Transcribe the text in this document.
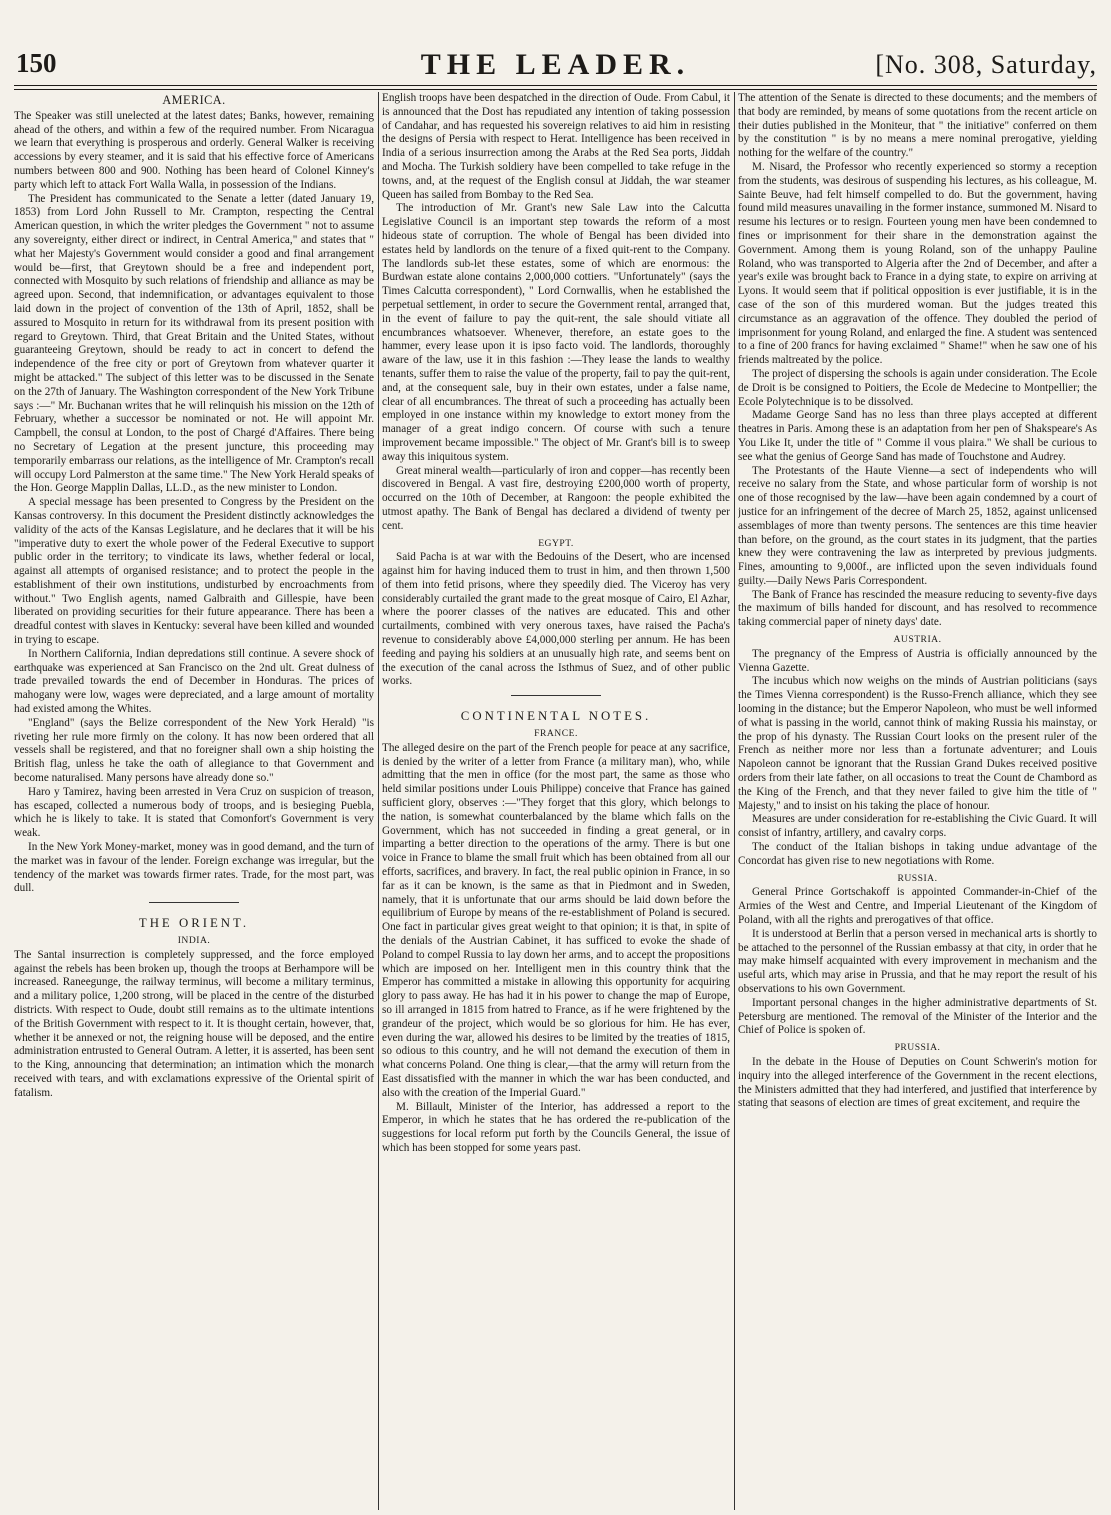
150	THE LEADER.	[No. 308, Saturday,
AMERICA.

The Speaker was still unelected at the latest dates; Banks, however, remaining ahead of the others, and within a few of the required number. From Nicaragua we learn that everything is prosperous and orderly. General Walker is receiving accessions by every steamer, and it is said that his effective force of Americans numbers between 800 and 900. Nothing has been heard of Colonel Kinney's party which left to attack Fort Walla Walla, in possession of the Indians.

The President has communicated to the Senate a letter (dated January 19, 1853) from Lord John Russell to Mr. Crampton, respecting the Central American question, in which the writer pledges the Government " not to assume any sovereignty, either direct or indirect, in Central America," and states that " what her Majesty's Government would consider a good and final arrangement would be—first, that Greytown should be a free and independent port, connected with Mosquito by such relations of friendship and alliance as may be agreed upon. Second, that indemnification, or advantages equivalent to those laid down in the project of convention of the 13th of April, 1852, shall be assured to Mosquito in return for its withdrawal from its present position with regard to Greytown. Third, that Great Britain and the United States, without guaranteeing Greytown, should be ready to act in concert to defend the independence of the free city or port of Greytown from whatever quarter it might be attacked." The subject of this letter was to be discussed in the Senate on the 27th of January. The Washington correspondent of the New York Tribune says :—" Mr. Buchanan writes that he will relinquish his mission on the 12th of February, whether a successor be nominated or not. He will appoint Mr. Campbell, the consul at London, to the post of Chargé d'Affaires. There being no Secretary of Legation at the present juncture, this proceeding may temporarily embarrass our relations, as the intelligence of Mr. Crampton's recall will occupy Lord Palmerston at the same time." The New York Herald speaks of the Hon. George Mapplin Dallas, LL.D., as the new minister to London.

A special message has been presented to Congress by the President on the Kansas controversy. In this document the President distinctly acknowledges the validity of the acts of the Kansas Legislature, and he declares that it will be his "imperative duty to exert the whole power of the Federal Executive to support public order in the territory; to vindicate its laws, whether federal or local, against all attempts of organised resistance; and to protect the people in the establishment of their own institutions, undisturbed by encroachments from without." Two English agents, named Galbraith and Gillespie, have been liberated on providing securities for their future appearance. There has been a dreadful contest with slaves in Kentucky: several have been killed and wounded in trying to escape.

In Northern California, Indian depredations still continue. A severe shock of earthquake was experienced at San Francisco on the 2nd ult. Great dulness of trade prevailed towards the end of December in Honduras. The prices of mahogany were low, wages were depreciated, and a large amount of mortality had existed among the Whites.

"England" (says the Belize correspondent of the New York Herald) "is riveting her rule more firmly on the colony. It has now been ordered that all vessels shall be registered, and that no foreigner shall own a ship hoisting the British flag, unless he take the oath of allegiance to that Government and become naturalised. Many persons have already done so."

Haro y Tamirez, having been arrested in Vera Cruz on suspicion of treason, has escaped, collected a numerous body of troops, and is besieging Puebla, which he is likely to take. It is stated that Comonfort's Government is very weak.

In the New York Money-market, money was in good demand, and the turn of the market was in favour of the lender. Foreign exchange was irregular, but the tendency of the market was towards firmer rates. Trade, for the most part, was dull.

THE ORIENT.
INDIA.

The Santal insurrection is completely suppressed, and the force employed against the rebels has been broken up, though the troops at Berhampore will be increased. Raneegunge, the railway terminus, will become a military terminus, and a military police, 1,200 strong, will be placed in the centre of the disturbed districts. With respect to Oude, doubt still remains as to the ultimate intentions of the British Government with respect to it. It is thought certain, however, that, whether it be annexed or not, the reigning house will be deposed, and the entire administration entrusted to General Outram. A letter, it is asserted, has been sent to the King, announcing that determination; an intimation which the monarch received with tears, and with exclamations expressive of the Oriental spirit of fatalism.

English troops have been despatched in the direction of Oude. From Cabul, it is announced that the Dost has repudiated any intention of taking possession of Candahar, and has requested his sovereign relatives to aid him in resisting the designs of Persia with respect to Herat. Intelligence has been received in India of a serious insurrection among the Arabs at the Red Sea ports, Jiddah and Mocha. The Turkish soldiery have been compelled to take refuge in the towns, and, at the request of the English consul at Jiddah, the war steamer Queen has sailed from Bombay to the Red Sea.

The introduction of Mr. Grant's new Sale Law into the Calcutta Legislative Council is an important step towards the reform of a most hideous state of corruption. The whole of Bengal has been divided into estates held by landlords on the tenure of a fixed quit-rent to the Company. The landlords sub-let these estates, some of which are enormous: the Burdwan estate alone contains 2,000,000 cottiers. "Unfortunately" (says the Times Calcutta correspondent), " Lord Cornwallis, when he established the perpetual settlement, in order to secure the Government rental, arranged that, in the event of failure to pay the quit-rent, the sale should vitiate all encumbrances whatsoever. Whenever, therefore, an estate goes to the hammer, every lease upon it is ipso facto void. The landlords, thoroughly aware of the law, use it in this fashion :—They lease the lands to wealthy tenants, suffer them to raise the value of the property, fail to pay the quit-rent, and, at the consequent sale, buy in their own estates, under a false name, clear of all encumbrances. The threat of such a proceeding has actually been employed in one instance within my knowledge to extort money from the manager of a great indigo concern. Of course with such a tenure improvement became impossible." The object of Mr. Grant's bill is to sweep away this iniquitous system.

Great mineral wealth—particularly of iron and copper—has recently been discovered in Bengal. A vast fire, destroying £200,000 worth of property, occurred on the 10th of December, at Rangoon: the people exhibited the utmost apathy. The Bank of Bengal has declared a dividend of twenty per cent.

EGYPT.

Said Pacha is at war with the Bedouins of the Desert, who are incensed against him for having induced them to trust in him, and then thrown 1,500 of them into fetid prisons, where they speedily died. The Viceroy has very considerably curtailed the grant made to the great mosque of Cairo, El Azhar, where the poorer classes of the natives are educated. This and other curtailments, combined with very onerous taxes, have raised the Pacha's revenue to considerably above £4,000,000 sterling per annum. He has been feeding and paying his soldiers at an unusually high rate, and seems bent on the execution of the canal across the Isthmus of Suez, and of other public works.

CONTINENTAL NOTES.
FRANCE.

The alleged desire on the part of the French people for peace at any sacrifice, is denied by the writer of a letter from France (a military man), who, while admitting that the men in office (for the most part, the same as those who held similar positions under Louis Philippe) conceive that France has gained sufficient glory, observes :—"They forget that this glory, which belongs to the nation, is somewhat counterbalanced by the blame which falls on the Government, which has not succeeded in finding a great general, or in imparting a better direction to the operations of the army. There is but one voice in France to blame the small fruit which has been obtained from all our efforts, sacrifices, and bravery. In fact, the real public opinion in France, in so far as it can be known, is the same as that in Piedmont and in Sweden, namely, that it is unfortunate that our arms should be laid down before the equilibrium of Europe by means of the re-establishment of Poland is secured. One fact in particular gives great weight to that opinion; it is that, in spite of the denials of the Austrian Cabinet, it has sufficed to evoke the shade of Poland to compel Russia to lay down her arms, and to accept the propositions which are imposed on her. Intelligent men in this country think that the Emperor has committed a mistake in allowing this opportunity for acquiring glory to pass away. He has had it in his power to change the map of Europe, so ill arranged in 1815 from hatred to France, as if he were frightened by the grandeur of the project, which would be so glorious for him. He has ever, even during the war, allowed his desires to be limited by the treaties of 1815, so odious to this country, and he will not demand the execution of them in what concerns Poland. One thing is clear,—that the army will return from the East dissatisfied with the manner in which the war has been conducted, and also with the creation of the Imperial Guard."

M. Billault, Minister of the Interior, has addressed a report to the Emperor, in which he states that he has ordered the re-publication of the suggestions for local reform put forth by the Councils General, the issue of which has been stopped for some years past.

The attention of the Senate is directed to these documents; and the members of that body are reminded, by means of some quotations from the recent article on their duties published in the Moniteur, that " the initiative" conferred on them by the constitution " is by no means a mere nominal prerogative, yielding nothing for the welfare of the country."

M. Nisard, the Professor who recently experienced so stormy a reception from the students, was desirous of suspending his lectures, as his colleague, M. Sainte Beuve, had felt himself compelled to do. But the government, having found mild measures unavailing in the former instance, summoned M. Nisard to resume his lectures or to resign. Fourteen young men have been condemned to fines or imprisonment for their share in the demonstration against the Government. Among them is young Roland, son of the unhappy Pauline Roland, who was transported to Algeria after the 2nd of December, and after a year's exile was brought back to France in a dying state, to expire on arriving at Lyons. It would seem that if political opposition is ever justifiable, it is in the case of the son of this murdered woman. But the judges treated this circumstance as an aggravation of the offence. They doubled the period of imprisonment for young Roland, and enlarged the fine. A student was sentenced to a fine of 200 francs for having exclaimed " Shame!" when he saw one of his friends maltreated by the police.

The project of dispersing the schools is again under consideration. The Ecole de Droit is be consigned to Poitiers, the Ecole de Medecine to Montpellier; the Ecole Polytechnique is to be dissolved.

Madame George Sand has no less than three plays accepted at different theatres in Paris. Among these is an adaptation from her pen of Shakspeare's As You Like It, under the title of " Comme il vous plaira." We shall be curious to see what the genius of George Sand has made of Touchstone and Audrey.

The Protestants of the Haute Vienne—a sect of independents who will receive no salary from the State, and whose particular form of worship is not one of those recognised by the law—have been again condemned by a court of justice for an infringement of the decree of March 25, 1852, against unlicensed assemblages of more than twenty persons. The sentences are this time heavier than before, on the ground, as the court states in its judgment, that the parties knew they were contravening the law as interpreted by previous judgments. Fines, amounting to 9,000f., are inflicted upon the seven individuals found guilty.—Daily News Paris Correspondent.

The Bank of France has rescinded the measure reducing to seventy-five days the maximum of bills handed for discount, and has resolved to recommence taking commercial paper of ninety days' date.

AUSTRIA.

The pregnancy of the Empress of Austria is officially announced by the Vienna Gazette.

The incubus which now weighs on the minds of Austrian politicians (says the Times Vienna correspondent) is the Russo-French alliance, which they see looming in the distance; but the Emperor Napoleon, who must be well informed of what is passing in the world, cannot think of making Russia his mainstay, or the prop of his dynasty. The Russian Court looks on the present ruler of the French as neither more nor less than a fortunate adventurer; and Louis Napoleon cannot be ignorant that the Russian Grand Dukes received positive orders from their late father, on all occasions to treat the Count de Chambord as the King of the French, and that they never failed to give him the title of " Majesty," and to insist on his taking the place of honour.

Measures are under consideration for re-establishing the Civic Guard. It will consist of infantry, artillery, and cavalry corps.

The conduct of the Italian bishops in taking undue advantage of the Concordat has given rise to new negotiations with Rome.

RUSSIA.

General Prince Gortschakoff is appointed Commander-in-Chief of the Armies of the West and Centre, and Imperial Lieutenant of the Kingdom of Poland, with all the rights and prerogatives of that office.

It is understood at Berlin that a person versed in mechanical arts is shortly to be attached to the personnel of the Russian embassy at that city, in order that he may make himself acquainted with every improvement in mechanism and the useful arts, which may arise in Prussia, and that he may report the result of his observations to his own Government.

Important personal changes in the higher administrative departments of St. Petersburg are mentioned. The removal of the Minister of the Interior and the Chief of Police is spoken of.

PRUSSIA.

In the debate in the House of Deputies on Count Schwerin's motion for inquiry into the alleged interference of the Government in the recent elections, the Ministers admitted that they had interfered, and justified that interference by stating that seasons of election are times of great excitement, and require the
